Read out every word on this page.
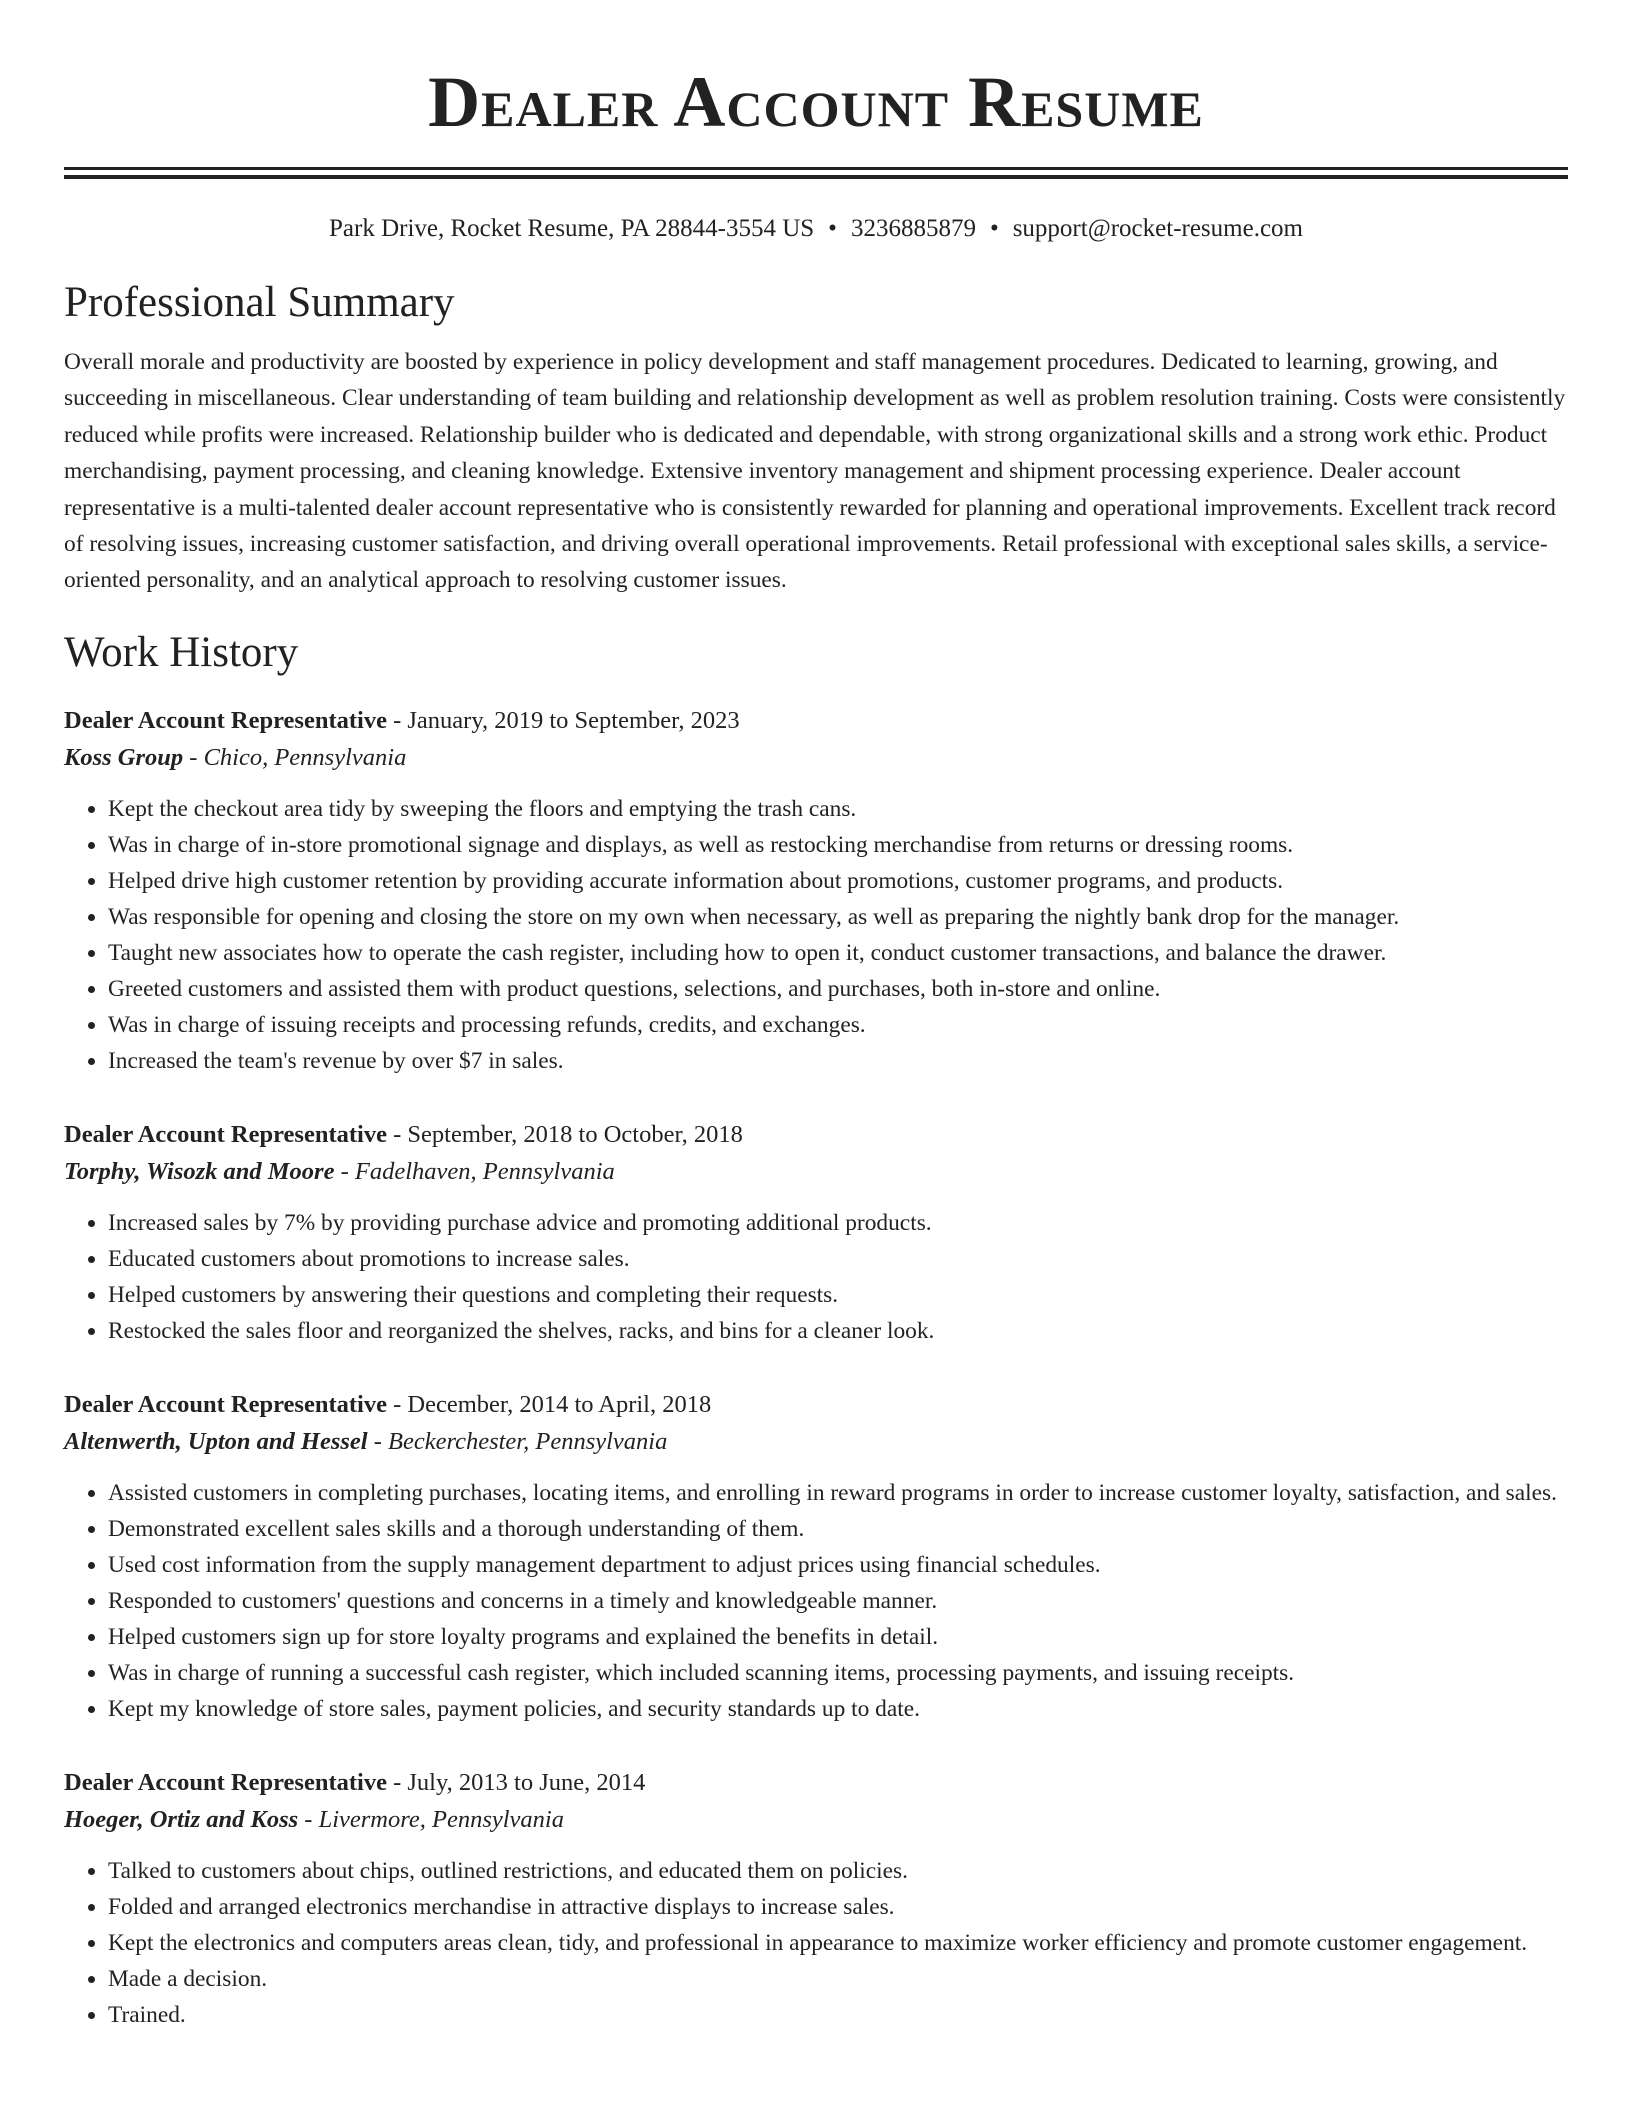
Dealer Account Resume
Park Drive, Rocket Resume, PA 28844-3554 US • 3236885879 • support@rocket-resume.com
Professional Summary

Overall morale and productivity are boosted by experience in policy development and staff management procedures. Dedicated to learning, growing, and succeeding in miscellaneous. Clear understanding of team building and relationship development as well as problem resolution training. Costs were consistently reduced while profits were increased. Relationship builder who is dedicated and dependable, with strong organizational skills and a strong work ethic. Product merchandising, payment processing, and cleaning knowledge. Extensive inventory management and shipment processing experience. Dealer account representative is a multi-talented dealer account representative who is consistently rewarded for planning and operational improvements. Excellent track record of resolving issues, increasing customer satisfaction, and driving overall operational improvements. Retail professional with exceptional sales skills, a service-oriented personality, and an analytical approach to resolving customer issues.

Work History
Dealer Account Representative - January, 2019 to September, 2023
Koss Group - Chico, Pennsylvania
• Kept the checkout area tidy by sweeping the floors and emptying the trash cans.
• Was in charge of in-store promotional signage and displays, as well as restocking merchandise from returns or dressing rooms.
• Helped drive high customer retention by providing accurate information about promotions, customer programs, and products.
• Was responsible for opening and closing the store on my own when necessary, as well as preparing the nightly bank drop for the manager.
• Taught new associates how to operate the cash register, including how to open it, conduct customer transactions, and balance the drawer.
• Greeted customers and assisted them with product questions, selections, and purchases, both in-store and online.
• Was in charge of issuing receipts and processing refunds, credits, and exchanges.
• Increased the team's revenue by over $7 in sales.
Dealer Account Representative - September, 2018 to October, 2018
Torphy, Wisozk and Moore - Fadelhaven, Pennsylvania
• Increased sales by 7% by providing purchase advice and promoting additional products.
• Educated customers about promotions to increase sales.
• Helped customers by answering their questions and completing their requests.
• Restocked the sales floor and reorganized the shelves, racks, and bins for a cleaner look.
Dealer Account Representative - December, 2014 to April, 2018
Altenwerth, Upton and Hessel - Beckerchester, Pennsylvania
• Assisted customers in completing purchases, locating items, and enrolling in reward programs in order to increase customer loyalty, satisfaction, and sales.
• Demonstrated excellent sales skills and a thorough understanding of them.
• Used cost information from the supply management department to adjust prices using financial schedules.
• Responded to customers' questions and concerns in a timely and knowledgeable manner.
• Helped customers sign up for store loyalty programs and explained the benefits in detail.
• Was in charge of running a successful cash register, which included scanning items, processing payments, and issuing receipts.
• Kept my knowledge of store sales, payment policies, and security standards up to date.
Dealer Account Representative - July, 2013 to June, 2014
Hoeger, Ortiz and Koss - Livermore, Pennsylvania
• Talked to customers about chips, outlined restrictions, and educated them on policies.
• Folded and arranged electronics merchandise in attractive displays to increase sales.
• Kept the electronics and computers areas clean, tidy, and professional in appearance to maximize worker efficiency and promote customer engagement.
• Made a decision.
• Trained.
